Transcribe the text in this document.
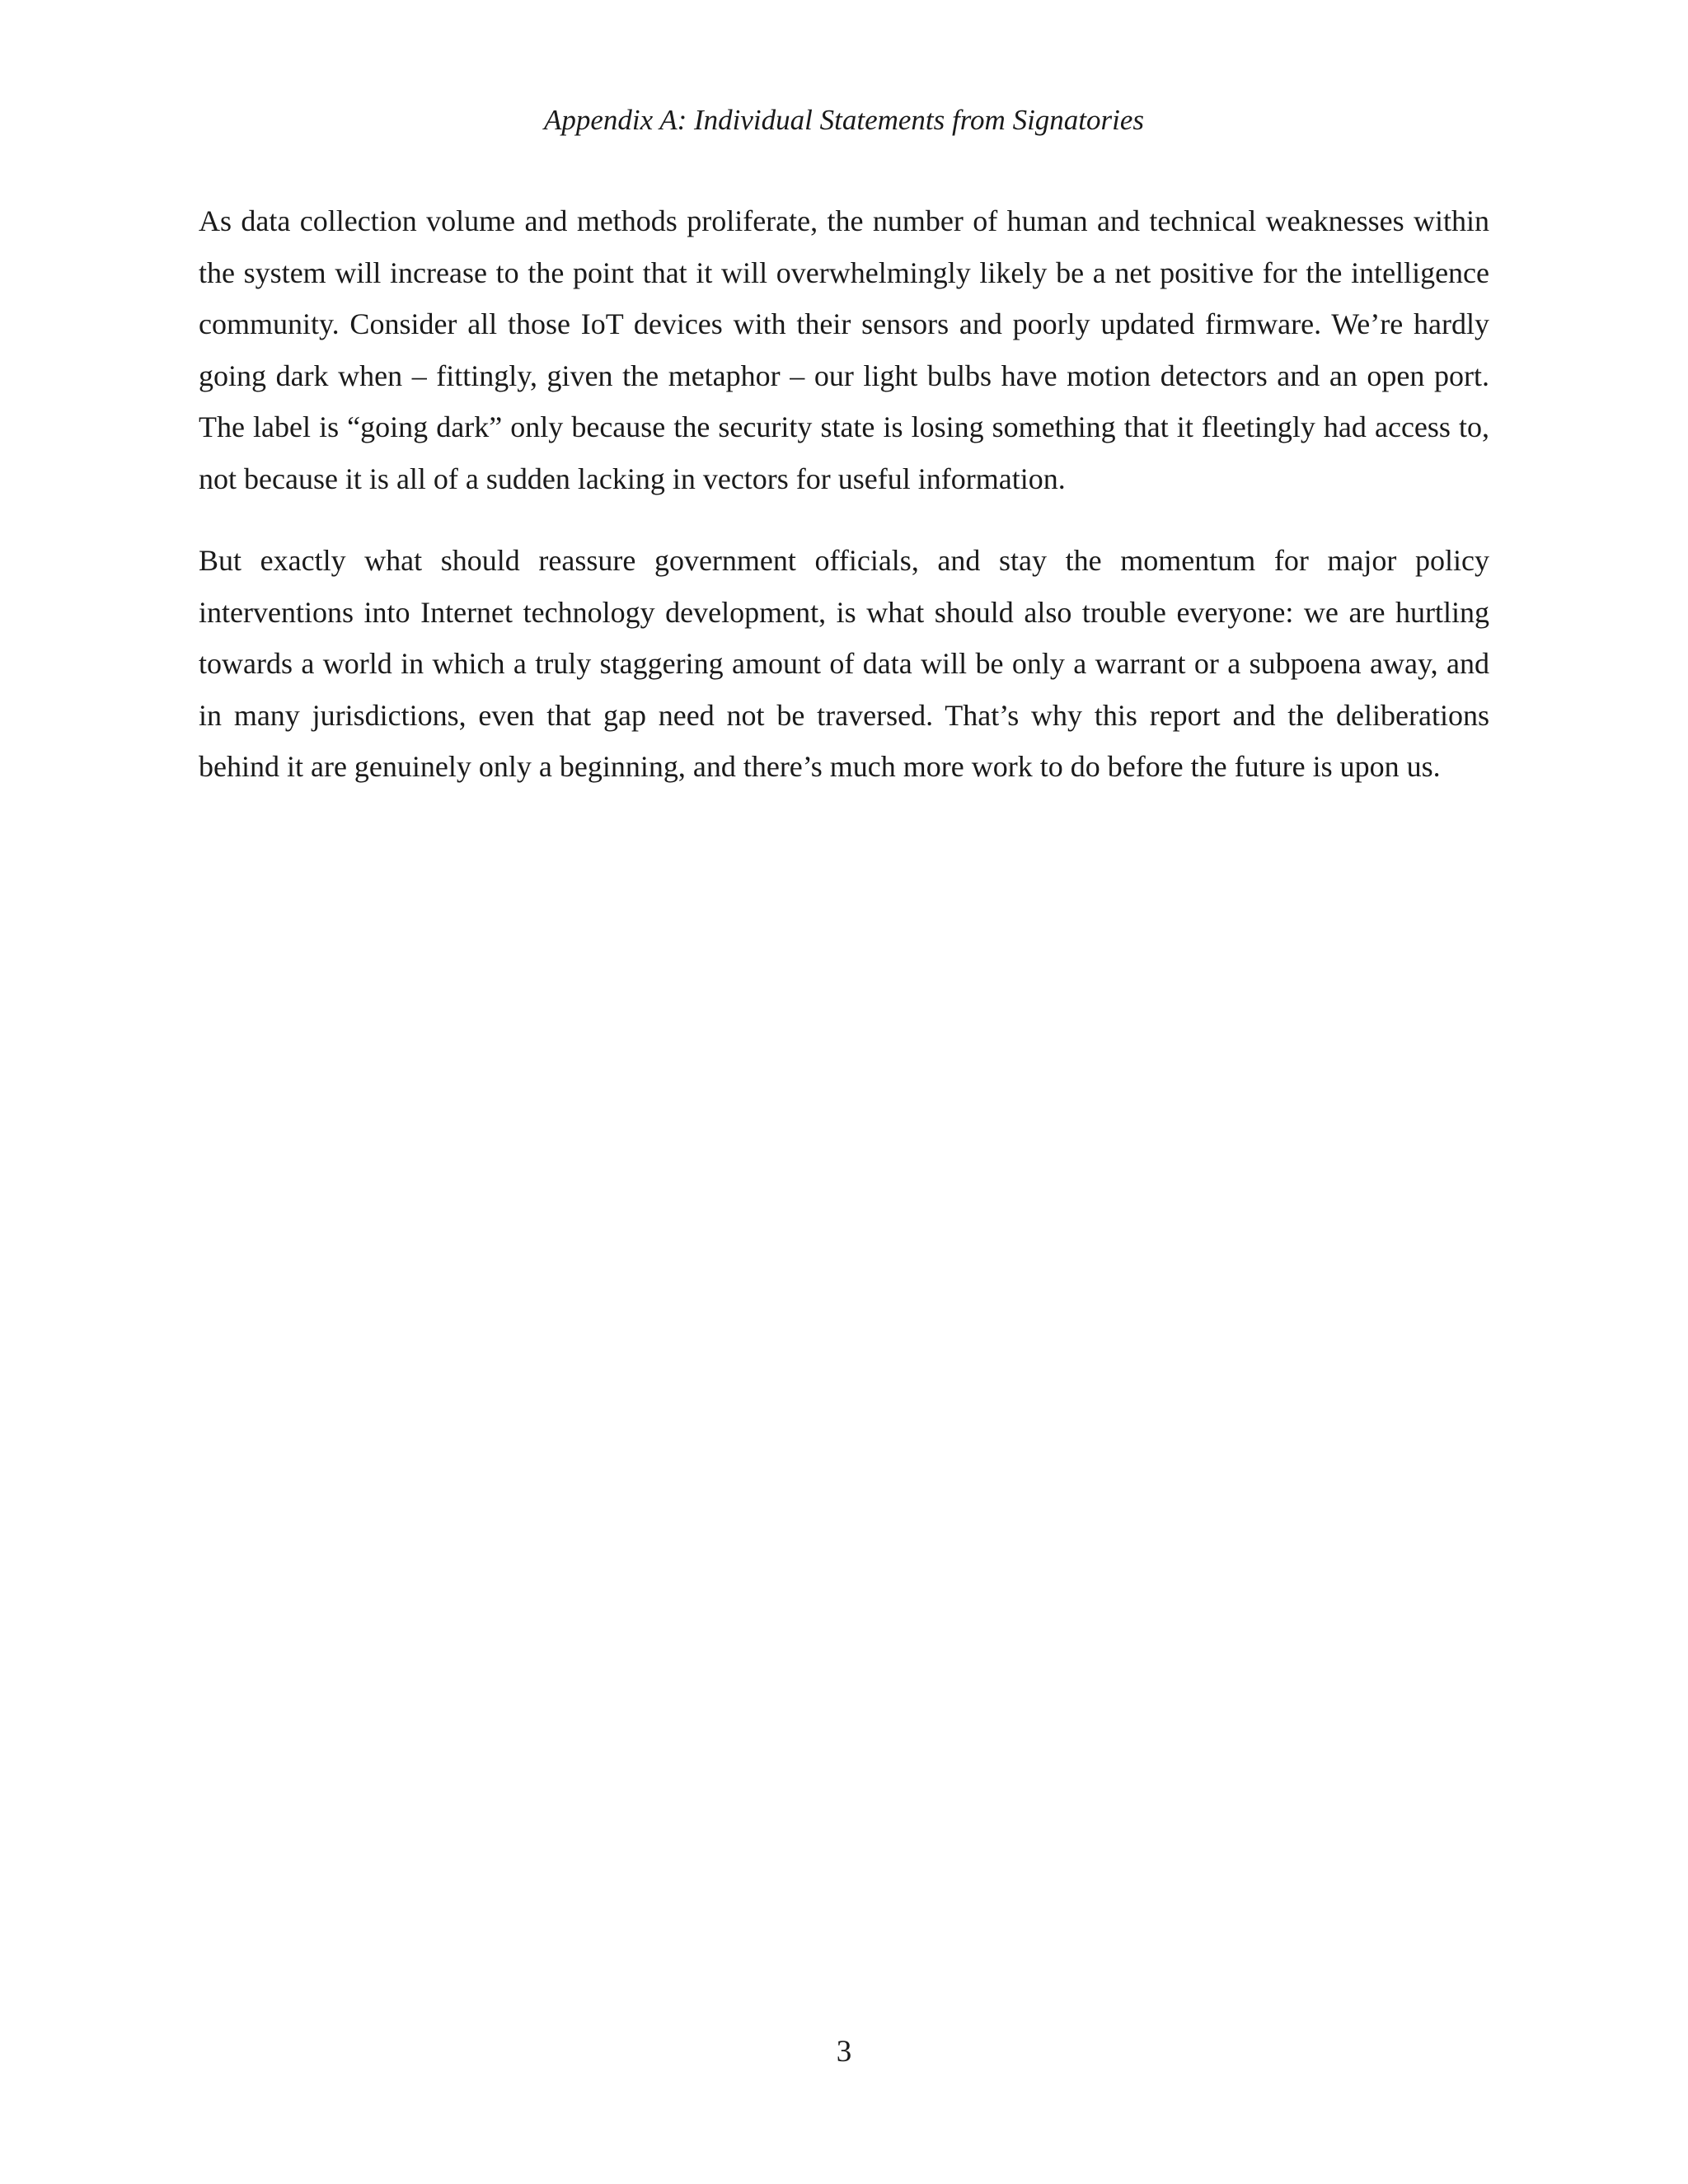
Appendix A: Individual Statements from Signatories

As data collection volume and methods proliferate, the number of human and technical weaknesses within the system will increase to the point that it will overwhelmingly likely be a net positive for the intelligence community. Consider all those IoT devices with their sensors and poorly updated firmware. We’re hardly going dark when – fittingly, given the metaphor – our light bulbs have motion detectors and an open port. The label is “going dark” only because the security state is losing something that it fleetingly had access to, not because it is all of a sudden lacking in vectors for useful information.

But exactly what should reassure government officials, and stay the momentum for major policy interventions into Internet technology development, is what should also trouble everyone: we are hurtling towards a world in which a truly staggering amount of data will be only a warrant or a subpoena away, and in many jurisdictions, even that gap need not be traversed. That’s why this report and the deliberations behind it are genuinely only a beginning, and there’s much more work to do before the future is upon us.

3
